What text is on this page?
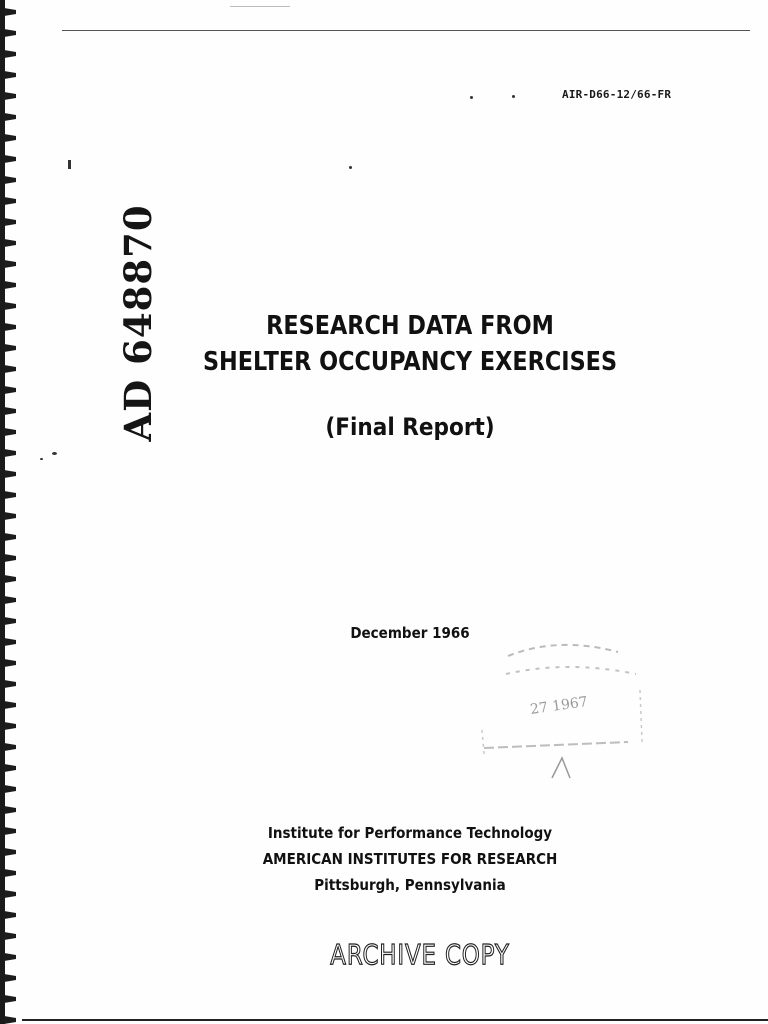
AIR-D66-12/66-FR
AD 648870	RESEARCH DATA FROM
SHELTER OCCUPANCY EXERCISES
(Final Report)
December 1966
27 1967
Institute for Performance Technology
AMERICAN INSTITUTES FOR RESEARCH
Pittsburgh, Pennsylvania
ARCHIVE COPY
